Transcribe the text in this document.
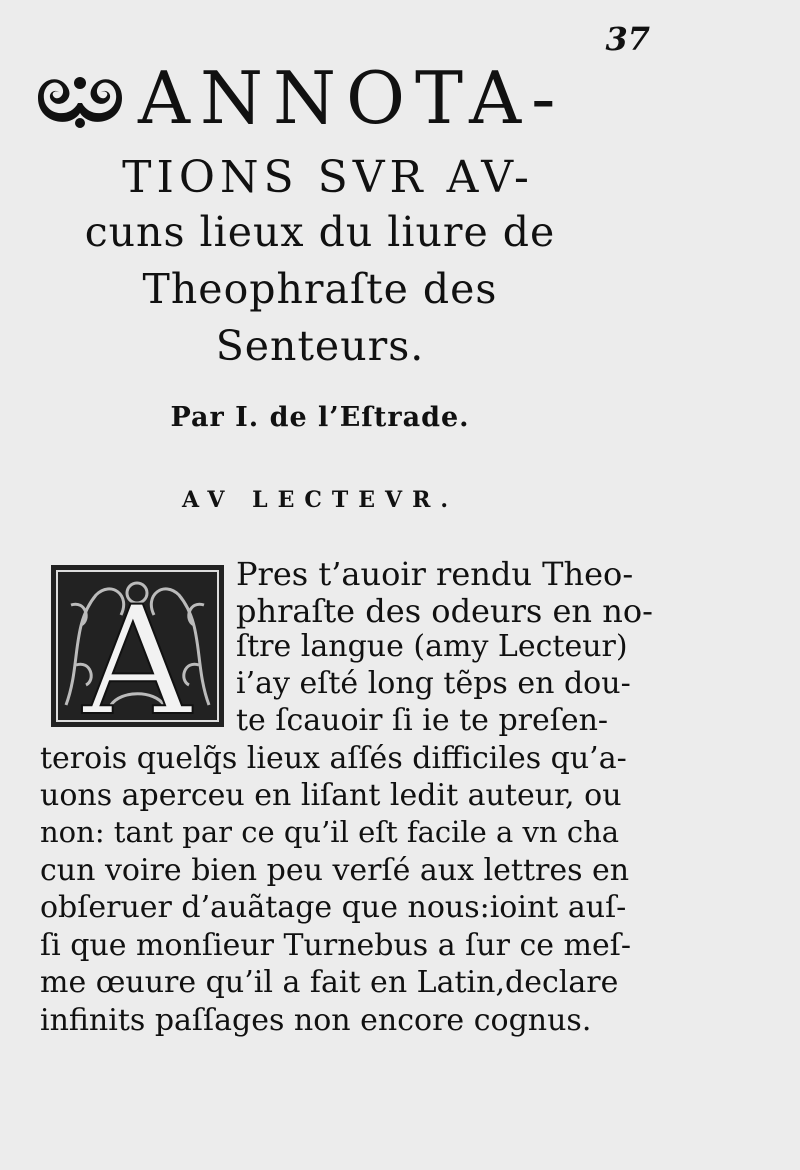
37
ANNOTA-
TIONS SVR AV-
cuns lieux du liure de
Theophraſte des
Senteurs.
Par I. de l’Eſtrade.
AV LECTEVR.
A
Pres t’auoir rendu Theo-
phraſte des odeurs en no-
ſtre langue (amy Lecteur)
i’ay eſté long tẽps en dou-
te ſcauoir ſi ie te preſen-
terois quelq̃s lieux aſſés difficiles qu’a-
uons aperceu en liſant ledit auteur, ou
non: tant par ce qu’il eſt facile a vn cha
cun voire bien peu verſé aux lettres en
obſeruer d’auãtage que nous:ioint auſ-
ſi que monſieur Turnebus a ſur ce meſ-
me œuure qu’il a fait en Latin,declare
infinits paſſages non encore cognus.
